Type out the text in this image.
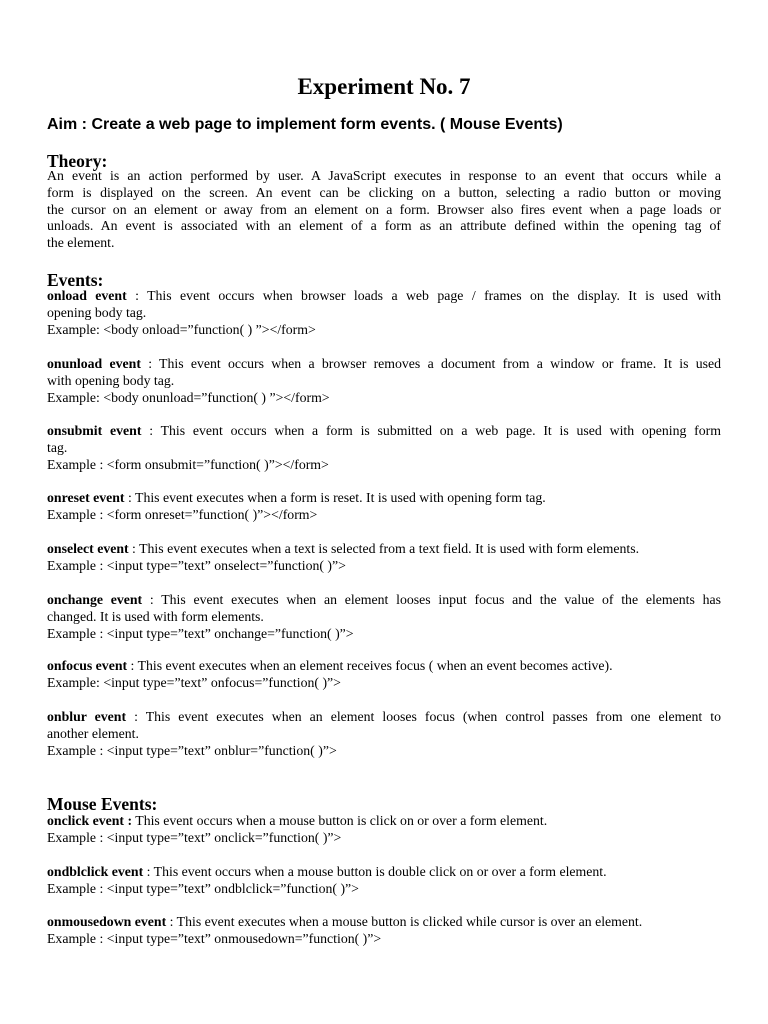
Experiment No. 7
Aim : Create a web page to implement form events. ( Mouse Events)
Theory:
An event is an action performed by user. A JavaScript executes in response to an event that occurs while a
form is displayed on the screen. An event can be clicking on a button, selecting a radio button or moving
the cursor on an element or away from an element on a form. Browser also fires event when a page loads or
unloads. An event is associated with an element of a form as an attribute defined within the opening tag of
the element.
Events:
onload event : This event occurs when browser loads a web page / frames on the display. It is used with
opening body tag.
Example: <body onload=”function( ) ”></form>
onunload event : This event occurs when a browser removes a document from a window or frame. It is used
with opening body tag.
Example: <body onunload=”function( ) ”></form>
onsubmit event : This event occurs when a form is submitted on a web page. It is used with opening form
tag.
Example : <form onsubmit=”function( )”></form>
onreset event : This event executes when a form is reset. It is used with opening form tag.
Example : <form onreset=”function( )”></form>
onselect event : This event executes when a text is selected from a text field. It is used with form elements.
Example : <input type=”text” onselect=”function( )”>
onchange event : This event executes when an element looses input focus and the value of the elements has
changed. It is used with form elements.
Example : <input type=”text” onchange=”function( )”>
onfocus event : This event executes when an element receives focus ( when an event becomes active).
Example: <input type=”text” onfocus=”function( )”>
onblur event : This event executes when an element looses focus (when control passes from one element to
another element.
Example : <input type=”text” onblur=”function( )”>
Mouse Events:
onclick event : This event occurs when a mouse button is click on or over a form element.
Example : <input type=”text” onclick=”function( )”>
ondblclick event : This event occurs when a mouse button is double click on or over a form element.
Example : <input type=”text” ondblclick=”function( )”>
onmousedown event : This event executes when a mouse button is clicked while cursor is over an element.
Example : <input type=”text” onmousedown=”function( )”>
